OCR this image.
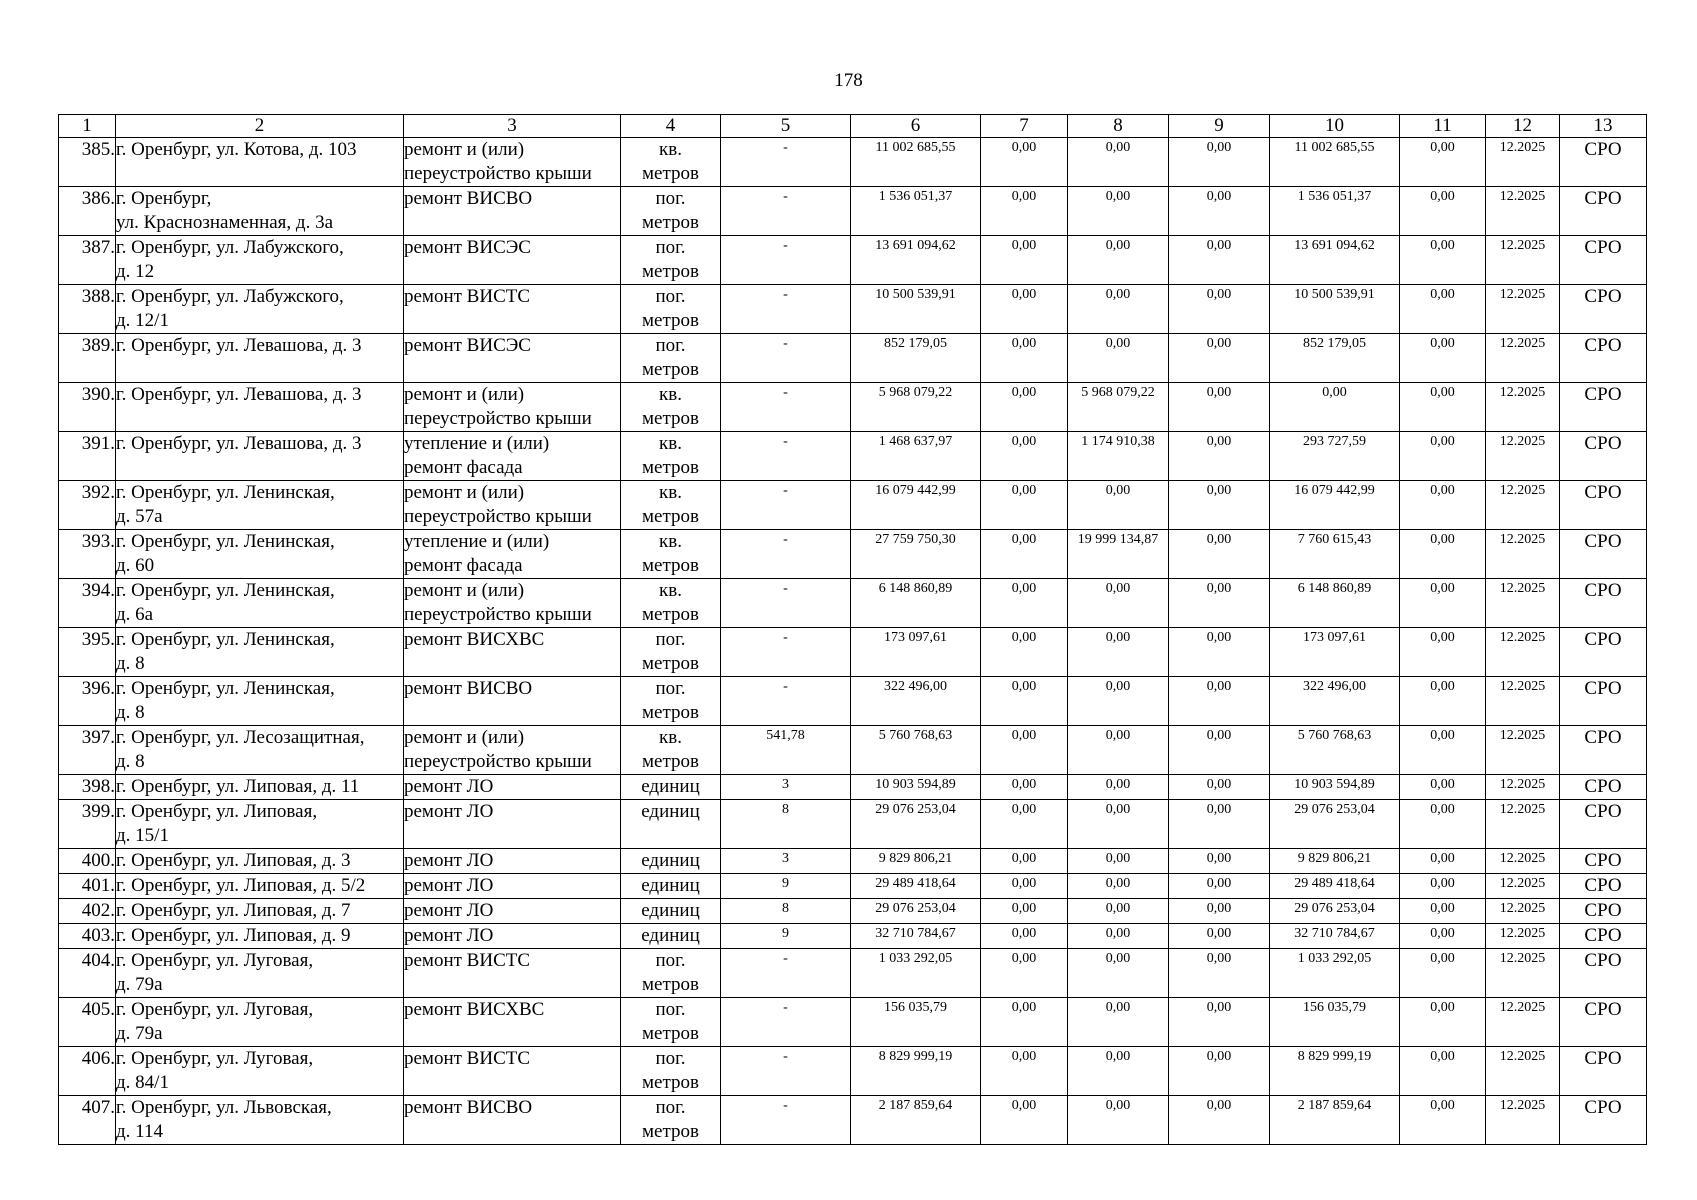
178
1	2	3	4	5	6	7	8	9	10	11	12	13
385.	г. Оренбург, ул. Котова, д. 103	ремонт и (или)
переустройство крыши	кв.
метров	-	11 002 685,55	0,00	0,00	0,00	11 002 685,55	0,00	12.2025	СРО
386.	г. Оренбург,
ул. Краснознаменная, д. 3а	ремонт ВИСВО	пог.
метров	-	1 536 051,37	0,00	0,00	0,00	1 536 051,37	0,00	12.2025	СРО
387.	г. Оренбург, ул. Лабужского,
д. 12	ремонт ВИСЭС	пог.
метров	-	13 691 094,62	0,00	0,00	0,00	13 691 094,62	0,00	12.2025	СРО
388.	г. Оренбург, ул. Лабужского,
д. 12/1	ремонт ВИСТС	пог.
метров	-	10 500 539,91	0,00	0,00	0,00	10 500 539,91	0,00	12.2025	СРО
389.	г. Оренбург, ул. Левашова, д. 3	ремонт ВИСЭС	пог.
метров	-	852 179,05	0,00	0,00	0,00	852 179,05	0,00	12.2025	СРО
390.	г. Оренбург, ул. Левашова, д. 3	ремонт и (или)
переустройство крыши	кв.
метров	-	5 968 079,22	0,00	5 968 079,22	0,00	0,00	0,00	12.2025	СРО
391.	г. Оренбург, ул. Левашова, д. 3	утепление и (или)
ремонт фасада	кв.
метров	-	1 468 637,97	0,00	1 174 910,38	0,00	293 727,59	0,00	12.2025	СРО
392.	г. Оренбург, ул. Ленинская,
д. 57а	ремонт и (или)
переустройство крыши	кв.
метров	-	16 079 442,99	0,00	0,00	0,00	16 079 442,99	0,00	12.2025	СРО
393.	г. Оренбург, ул. Ленинская,
д. 60	утепление и (или)
ремонт фасада	кв.
метров	-	27 759 750,30	0,00	19 999 134,87	0,00	7 760 615,43	0,00	12.2025	СРО
394.	г. Оренбург, ул. Ленинская,
д. 6а	ремонт и (или)
переустройство крыши	кв.
метров	-	6 148 860,89	0,00	0,00	0,00	6 148 860,89	0,00	12.2025	СРО
395.	г. Оренбург, ул. Ленинская,
д. 8	ремонт ВИСХВС	пог.
метров	-	173 097,61	0,00	0,00	0,00	173 097,61	0,00	12.2025	СРО
396.	г. Оренбург, ул. Ленинская,
д. 8	ремонт ВИСВО	пог.
метров	-	322 496,00	0,00	0,00	0,00	322 496,00	0,00	12.2025	СРО
397.	г. Оренбург, ул. Лесозащитная,
д. 8	ремонт и (или)
переустройство крыши	кв.
метров	541,78	5 760 768,63	0,00	0,00	0,00	5 760 768,63	0,00	12.2025	СРО
398.	г. Оренбург, ул. Липовая, д. 11	ремонт ЛО	единиц	3	10 903 594,89	0,00	0,00	0,00	10 903 594,89	0,00	12.2025	СРО
399.	г. Оренбург, ул. Липовая,
д. 15/1	ремонт ЛО	единиц	8	29 076 253,04	0,00	0,00	0,00	29 076 253,04	0,00	12.2025	СРО
400.	г. Оренбург, ул. Липовая, д. 3	ремонт ЛО	единиц	3	9 829 806,21	0,00	0,00	0,00	9 829 806,21	0,00	12.2025	СРО
401.	г. Оренбург, ул. Липовая, д. 5/2	ремонт ЛО	единиц	9	29 489 418,64	0,00	0,00	0,00	29 489 418,64	0,00	12.2025	СРО
402.	г. Оренбург, ул. Липовая, д. 7	ремонт ЛО	единиц	8	29 076 253,04	0,00	0,00	0,00	29 076 253,04	0,00	12.2025	СРО
403.	г. Оренбург, ул. Липовая, д. 9	ремонт ЛО	единиц	9	32 710 784,67	0,00	0,00	0,00	32 710 784,67	0,00	12.2025	СРО
404.	г. Оренбург, ул. Луговая,
д. 79а	ремонт ВИСТС	пог.
метров	-	1 033 292,05	0,00	0,00	0,00	1 033 292,05	0,00	12.2025	СРО
405.	г. Оренбург, ул. Луговая,
д. 79а	ремонт ВИСХВС	пог.
метров	-	156 035,79	0,00	0,00	0,00	156 035,79	0,00	12.2025	СРО
406.	г. Оренбург, ул. Луговая,
д. 84/1	ремонт ВИСТС	пог.
метров	-	8 829 999,19	0,00	0,00	0,00	8 829 999,19	0,00	12.2025	СРО
407.	г. Оренбург, ул. Львовская,
д. 114	ремонт ВИСВО	пог.
метров	-	2 187 859,64	0,00	0,00	0,00	2 187 859,64	0,00	12.2025	СРО
